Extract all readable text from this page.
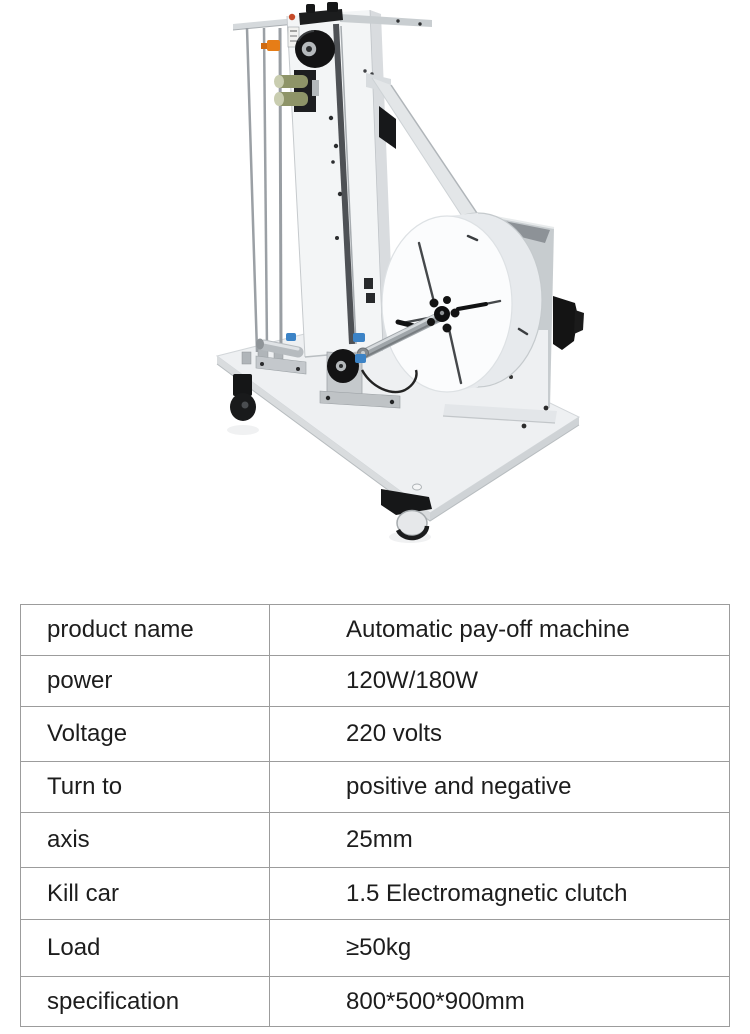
product name	Automatic pay-off machine
power	120W/180W
Voltage	220 volts
Turn to	positive and negative
axis	25mm
Kill car	1.5 Electromagnetic clutch
Load	≥50kg
specification	800*500*900mm
